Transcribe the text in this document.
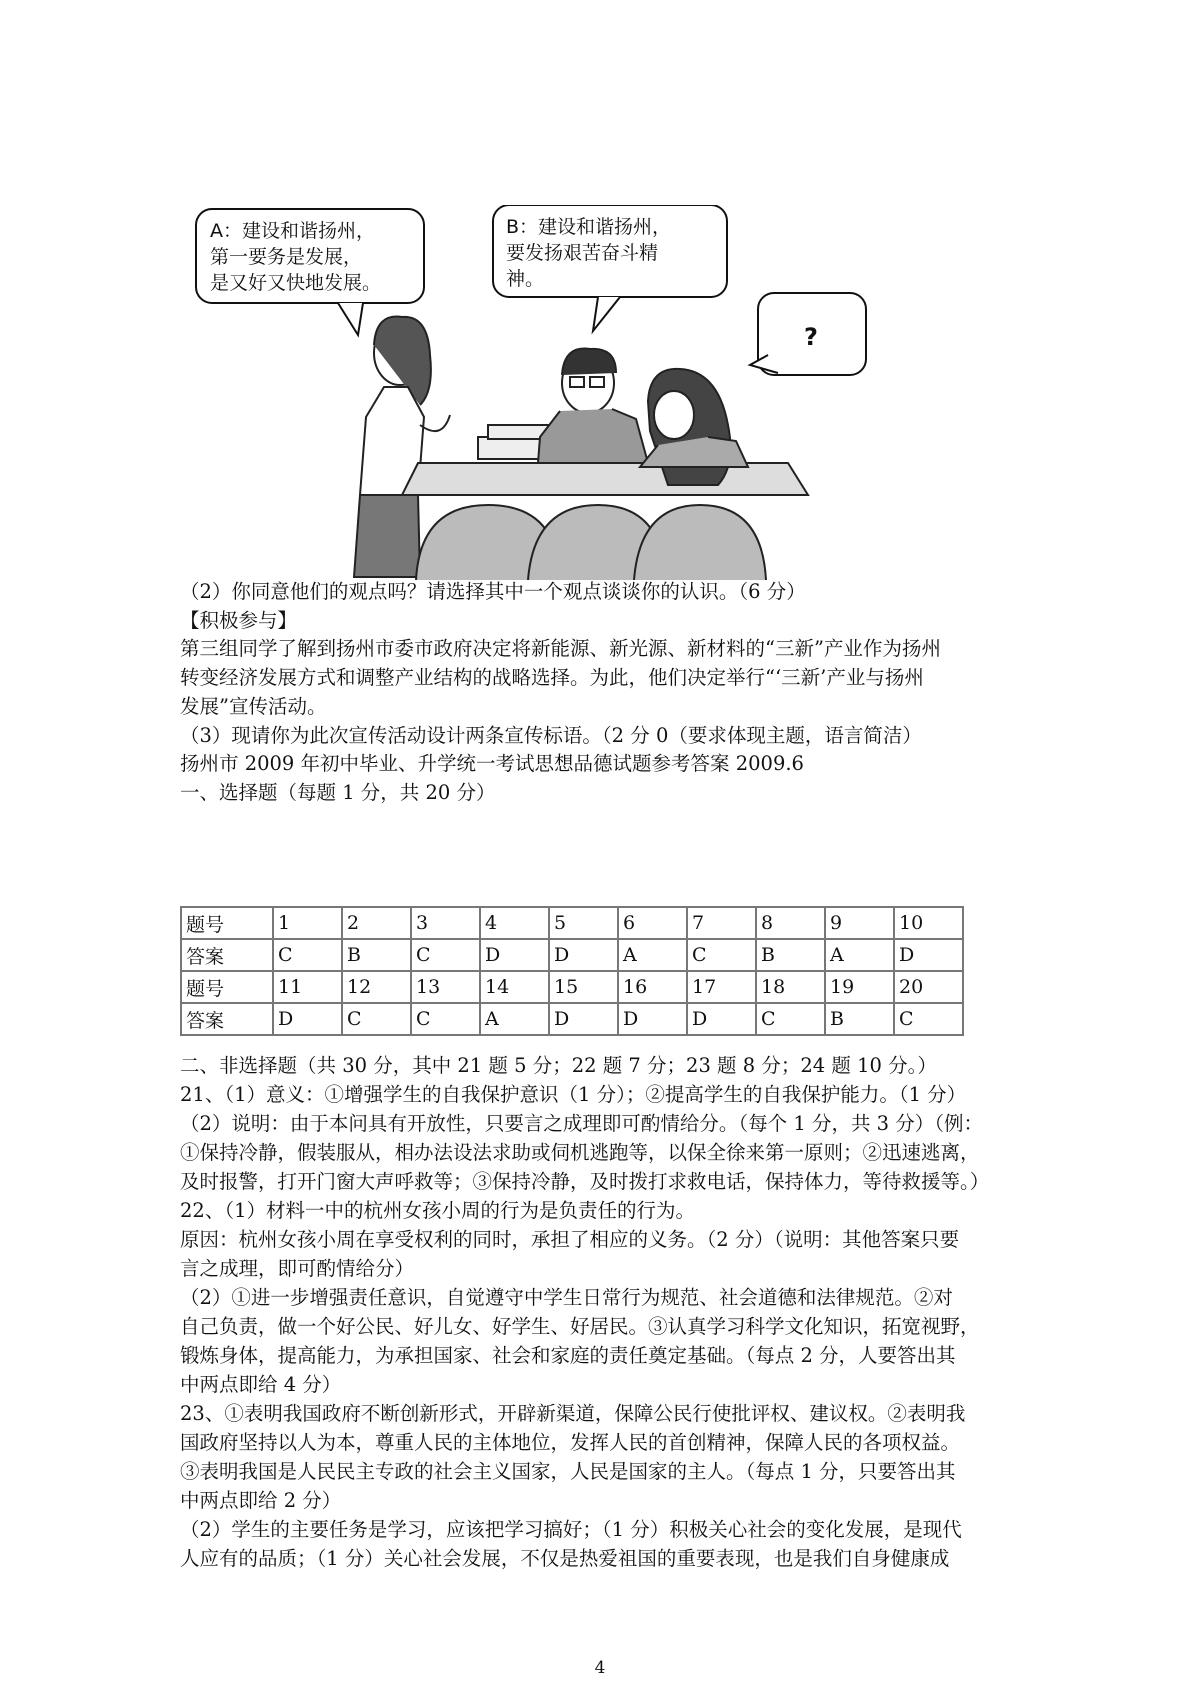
A：建设和谐扬州，
第一要务是发展，
是又好又快地发展。
B：建设和谐扬州，
要发扬艰苦奋斗精
神。
?
（2）你同意他们的观点吗？请选择其中一个观点谈谈你的认识。（6 分）
【积极参与】
第三组同学了解到扬州市委市政府决定将新能源、新光源、新材料的“三新”产业作为扬州
转变经济发展方式和调整产业结构的战略选择。为此，他们决定举行“‘三新’产业与扬州
发展”宣传活动。
（3）现请你为此次宣传活动设计两条宣传标语。（2 分 0（要求体现主题，语言简洁）
扬州市 2009 年初中毕业、升学统一考试思想品德试题参考答案 2009.6
一、选择题（每题 1 分，共 20 分）
题号	1	2	3	4	5	6	7	8	9	10
答案	C	B	C	D	D	A	C	B	A	D
题号	11	12	13	14	15	16	17	18	19	20
答案	D	C	C	A	D	D	D	C	B	C
二、非选择题（共 30 分，其中 21 题 5 分；22 题 7 分；23 题 8 分；24 题 10 分。）
21、（1）意义：①增强学生的自我保护意识（1 分）；②提高学生的自我保护能力。（1 分）
（2）说明：由于本问具有开放性，只要言之成理即可酌情给分。（每个 1 分，共 3 分）（例：
①保持冷静，假装服从，相办法设法求助或伺机逃跑等，以保全徐来第一原则；②迅速逃离，
及时报警，打开门窗大声呼救等；③保持冷静，及时拨打求救电话，保持体力，等待救援等。）
22、（1）材料一中的杭州女孩小周的行为是负责任的行为。
原因：杭州女孩小周在享受权利的同时，承担了相应的义务。（2 分）（说明：其他答案只要
言之成理，即可酌情给分）
（2）①进一步增强责任意识，自觉遵守中学生日常行为规范、社会道德和法律规范。②对
自己负责，做一个好公民、好儿女、好学生、好居民。③认真学习科学文化知识，拓宽视野，
锻炼身体，提高能力，为承担国家、社会和家庭的责任奠定基础。（每点 2 分，人要答出其
中两点即给 4 分）
23、①表明我国政府不断创新形式，开辟新渠道，保障公民行使批评权、建议权。②表明我
国政府坚持以人为本，尊重人民的主体地位，发挥人民的首创精神，保障人民的各项权益。
③表明我国是人民民主专政的社会主义国家，人民是国家的主人。（每点 1 分，只要答出其
中两点即给 2 分）
（2）学生的主要任务是学习，应该把学习搞好；（1 分）积极关心社会的变化发展，是现代
人应有的品质；（1 分）关心社会发展，不仅是热爱祖国的重要表现，也是我们自身健康成
4
